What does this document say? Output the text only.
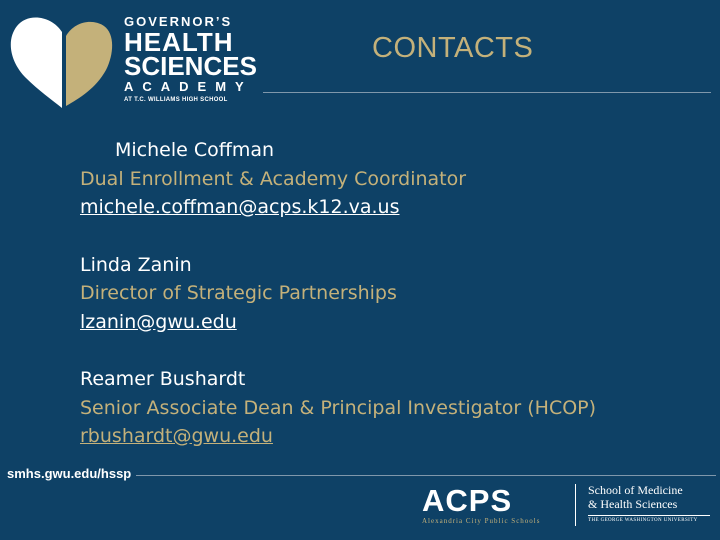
GOVERNOR’S
HEALTH
SCIENCES
ACADEMY
AT T.C. WILLIAMS HIGH SCHOOL
CONTACTS
Michele Coffman
Dual Enrollment & Academy Coordinator
michele.coffman@acps.k12.va.us
Linda Zanin
Director of Strategic Partnerships
lzanin@gwu.edu
Reamer Bushardt
Senior Associate Dean & Principal Investigator (HCOP)
rbushardt@gwu.edu
smhs.gwu.edu/hssp
ACPS
Alexandria City Public Schools
School of Medicine
& Health Sciences
THE GEORGE WASHINGTON UNIVERSITY
